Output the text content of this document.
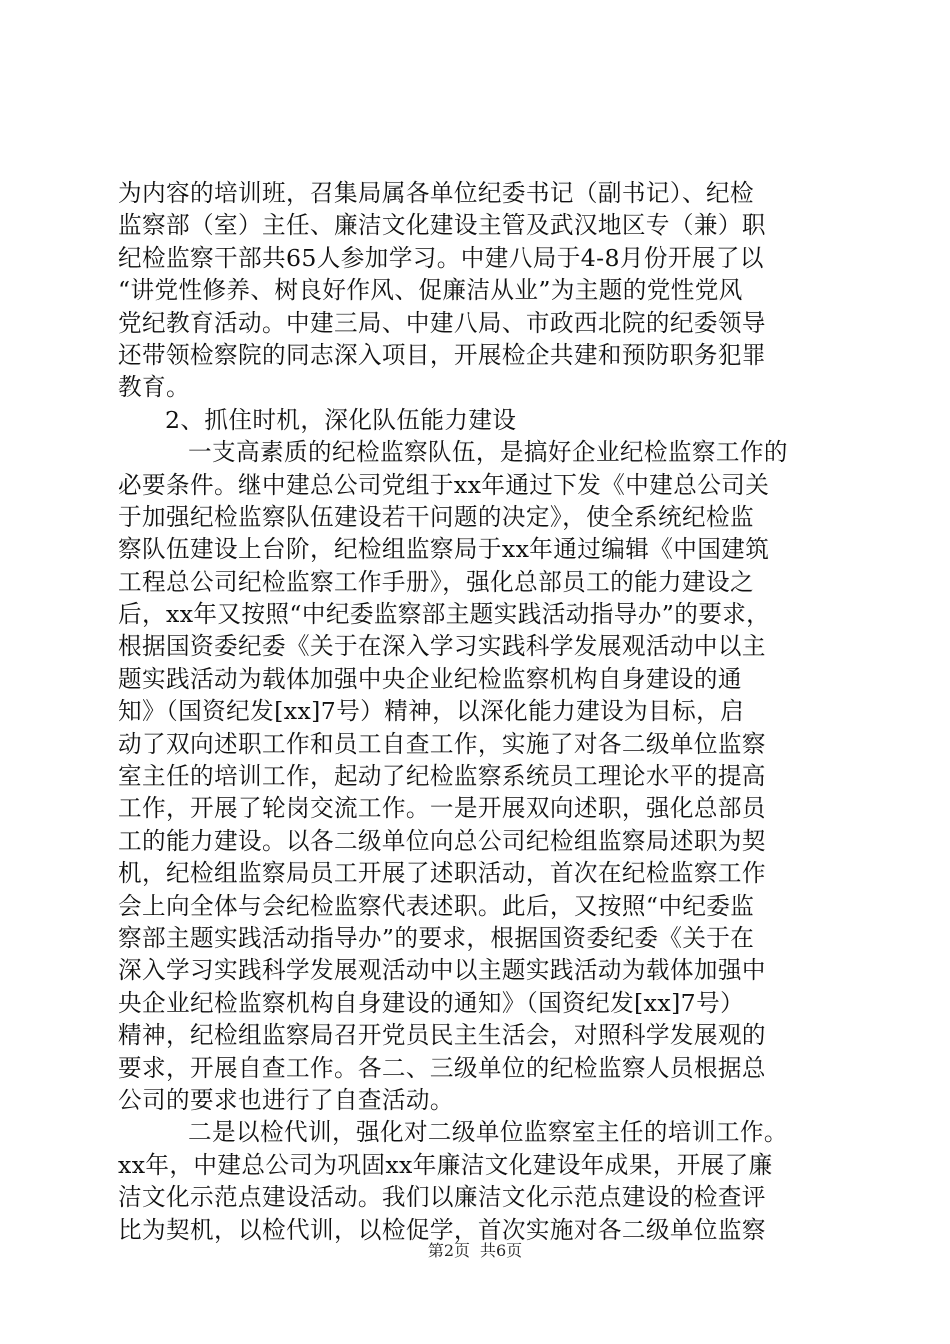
为内容的培训班，召集局属各单位纪委书记（副书记）、纪检
监察部（室）主任、廉洁文化建设主管及武汉地区专（兼）职
纪检监察干部共65人参加学习。中建八局于4-8月份开展了以
“讲党性修养、树良好作风、促廉洁从业”为主题的党性党风
党纪教育活动。中建三局、中建八局、市政西北院的纪委领导
还带领检察院的同志深入项目，开展检企共建和预防职务犯罪
教育。
2、抓住时机，深化队伍能力建设
一支高素质的纪检监察队伍，是搞好企业纪检监察工作的
必要条件。继中建总公司党组于xx年通过下发《中建总公司关
于加强纪检监察队伍建设若干问题的决定》，使全系统纪检监
察队伍建设上台阶，纪检组监察局于xx年通过编辑《中国建筑
工程总公司纪检监察工作手册》，强化总部员工的能力建设之
后，xx年又按照“中纪委监察部主题实践活动指导办”的要求，
根据国资委纪委《关于在深入学习实践科学发展观活动中以主
题实践活动为载体加强中央企业纪检监察机构自身建设的通
知》（国资纪发[xx]7号）精神，以深化能力建设为目标，启
动了双向述职工作和员工自查工作，实施了对各二级单位监察
室主任的培训工作，起动了纪检监察系统员工理论水平的提高
工作，开展了轮岗交流工作。一是开展双向述职，强化总部员
工的能力建设。以各二级单位向总公司纪检组监察局述职为契
机，纪检组监察局员工开展了述职活动，首次在纪检监察工作
会上向全体与会纪检监察代表述职。此后，又按照“中纪委监
察部主题实践活动指导办”的要求，根据国资委纪委《关于在
深入学习实践科学发展观活动中以主题实践活动为载体加强中
央企业纪检监察机构自身建设的通知》（国资纪发[xx]7号）
精神，纪检组监察局召开党员民主生活会，对照科学发展观的
要求，开展自查工作。各二、三级单位的纪检监察人员根据总
公司的要求也进行了自查活动。
二是以检代训，强化对二级单位监察室主任的培训工作。
xx年，中建总公司为巩固xx年廉洁文化建设年成果，开展了廉
洁文化示范点建设活动。我们以廉洁文化示范点建设的检查评
比为契机，以检代训，以检促学，首次实施对各二级单位监察
第2页 共6页
